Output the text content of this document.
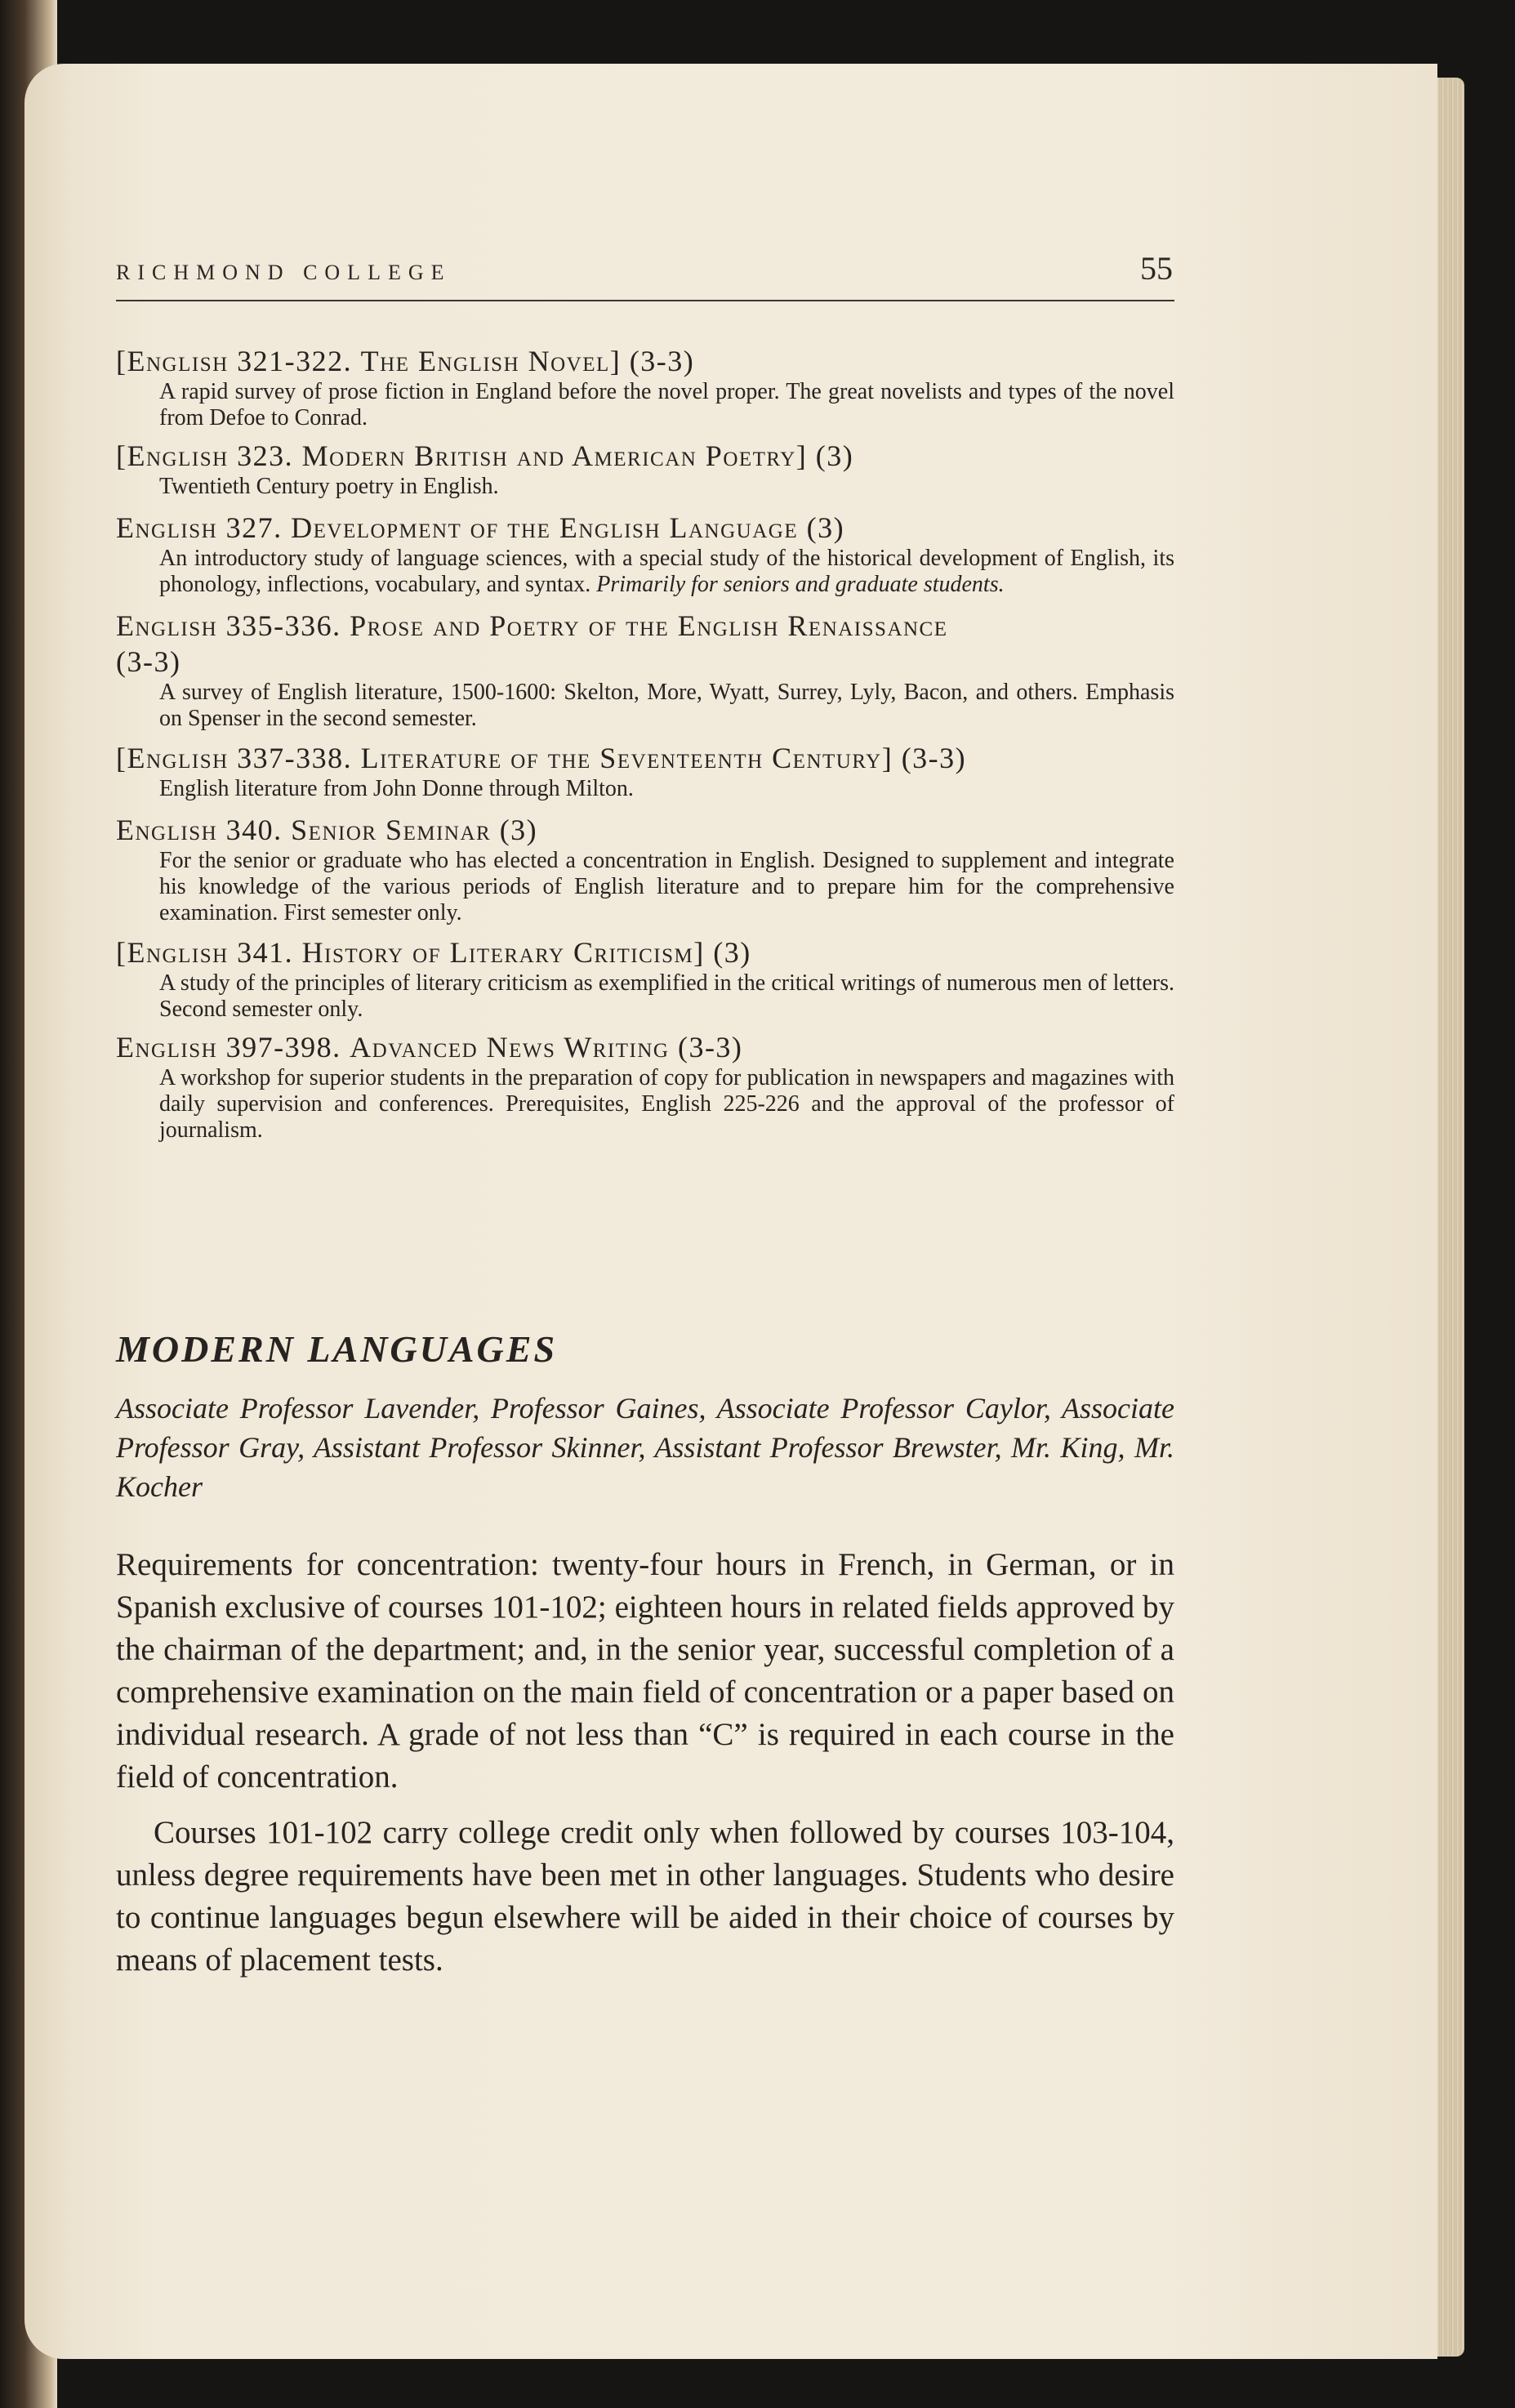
RICHMOND COLLEGE	55

[English 321-322. The English Novel] (3-3)

A rapid survey of prose fiction in England before the novel proper. The great novelists and types of the novel from Defoe to Conrad.

[English 323. Modern British and American Poetry] (3)

Twentieth Century poetry in English.

English 327. Development of the English Language (3)

An introductory study of language sciences, with a special study of the historical development of English, its phonology, inflections, vocabulary, and syntax. Primarily for seniors and graduate students.

English 335-336. Prose and Poetry of the English Renaissance
(3-3)

A survey of English literature, 1500-1600: Skelton, More, Wyatt, Surrey, Lyly, Bacon, and others. Emphasis on Spenser in the second semester.

[English 337-338. Literature of the Seventeenth Century] (3-3)

English literature from John Donne through Milton.

English 340. Senior Seminar (3)

For the senior or graduate who has elected a concentration in English. Designed to supplement and integrate his knowledge of the various periods of English literature and to prepare him for the comprehensive examination. First semester only.

[English 341. History of Literary Criticism] (3)

A study of the principles of literary criticism as exemplified in the critical writings of numerous men of letters. Second semester only.

English 397-398. Advanced News Writing (3-3)

A workshop for superior students in the preparation of copy for publication in newspapers and magazines with daily supervision and conferences. Prerequisites, English 225-226 and the approval of the professor of journalism.

MODERN LANGUAGES

Associate Professor Lavender, Professor Gaines, Associate Professor Caylor, Associate Professor Gray, Assistant Professor Skinner, Assistant Professor Brewster, Mr. King, Mr. Kocher

Requirements for concentration: twenty-four hours in French, in German, or in Spanish exclusive of courses 101-102; eighteen hours in related fields approved by the chairman of the department; and, in the senior year, successful completion of a comprehensive examination on the main field of concentration or a paper based on individual research. A grade of not less than “C” is required in each course in the field of concentration.

Courses 101-102 carry college credit only when followed by courses 103-104, unless degree requirements have been met in other languages. Students who desire to continue languages begun elsewhere will be aided in their choice of courses by means of placement tests.
